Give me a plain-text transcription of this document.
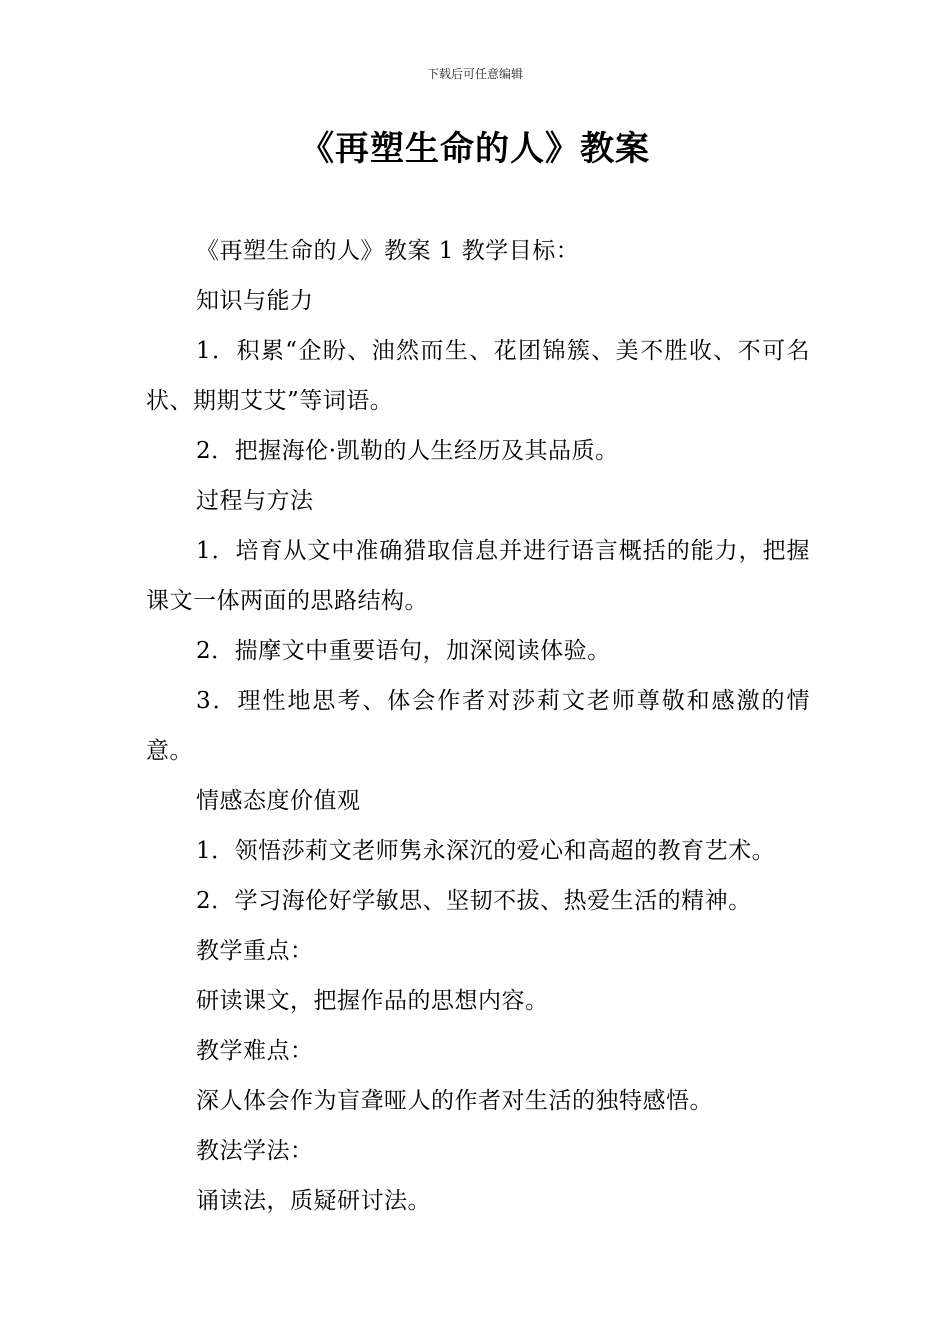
下载后可任意编辑
《再塑生命的人》教案

《再塑生命的人》教案 1 教学目标：

知识与能力

1．积累“企盼、油然而生、花团锦簇、美不胜收、不可名状、期期艾艾”等词语。

2．把握海伦·凯勒的人生经历及其品质。

过程与方法

1．培育从文中准确猎取信息并进行语言概括的能力，把握课文一体两面的思路结构。

2．揣摩文中重要语句，加深阅读体验。

3．理性地思考、体会作者对莎莉文老师尊敬和感激的情意。

情感态度价值观

1．领悟莎莉文老师隽永深沉的爱心和高超的教育艺术。

2．学习海伦好学敏思、坚韧不拔、热爱生活的精神。

教学重点：

研读课文，把握作品的思想内容。

教学难点：

深人体会作为盲聋哑人的作者对生活的独特感悟。

教法学法：

诵读法，质疑研讨法。
